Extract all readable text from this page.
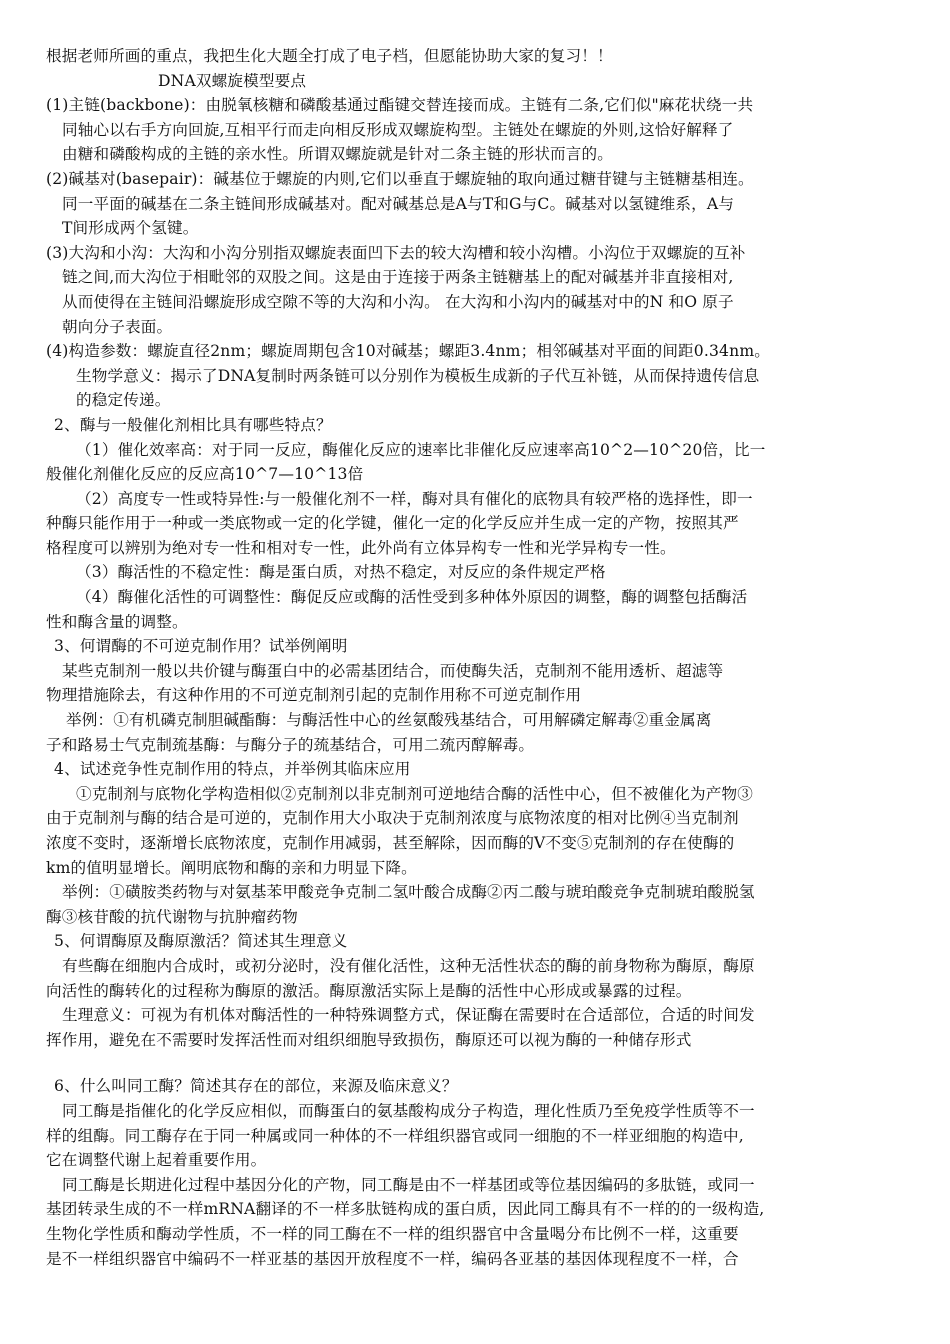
根据老师所画的重点，我把生化大题全打成了电子档，但愿能协助大家的复习！！
DNA双螺旋模型要点
(1)主链(backbone)：由脱氧核糖和磷酸基通过酯键交替连接而成。主链有二条,它们似"麻花状绕一共
同轴心以右手方向回旋,互相平行而走向相反形成双螺旋构型。主链处在螺旋的外则,这恰好解释了
由糖和磷酸构成的主链的亲水性。所谓双螺旋就是针对二条主链的形状而言的。
(2)碱基对(basepair)：碱基位于螺旋的内则,它们以垂直于螺旋轴的取向通过糖苷键与主链糖基相连。
同一平面的碱基在二条主链间形成碱基对。配对碱基总是A与T和G与C。碱基对以氢键维系，A与
T间形成两个氢键。
(3)大沟和小沟：大沟和小沟分别指双螺旋表面凹下去的较大沟槽和较小沟槽。小沟位于双螺旋的互补
链之间,而大沟位于相毗邻的双股之间。这是由于连接于两条主链糖基上的配对碱基并非直接相对,
从而使得在主链间沿螺旋形成空隙不等的大沟和小沟。 在大沟和小沟内的碱基对中的N 和O 原子
朝向分子表面。
(4)构造参数：螺旋直径2nm；螺旋周期包含10对碱基；螺距3.4nm；相邻碱基对平面的间距0.34nm。
生物学意义：揭示了DNA复制时两条链可以分别作为模板生成新的子代互补链，从而保持遗传信息
的稳定传递。
2、酶与一般催化剂相比具有哪些特点？
（1）催化效率高：对于同一反应，酶催化反应的速率比非催化反应速率高10^2—10^20倍，比一
般催化剂催化反应的反应高10^7—10^13倍
（2）高度专一性或特异性:与一般催化剂不一样，酶对具有催化的底物具有较严格的选择性，即一
种酶只能作用于一种或一类底物或一定的化学键，催化一定的化学反应并生成一定的产物，按照其严
格程度可以辨别为绝对专一性和相对专一性，此外尚有立体异构专一性和光学异构专一性。
（3）酶活性的不稳定性：酶是蛋白质，对热不稳定，对反应的条件规定严格
（4）酶催化活性的可调整性：酶促反应或酶的活性受到多种体外原因的调整，酶的调整包括酶活
性和酶含量的调整。
3、何谓酶的不可逆克制作用？试举例阐明
某些克制剂一般以共价键与酶蛋白中的必需基团结合，而使酶失活，克制剂不能用透析、超滤等
物理措施除去，有这种作用的不可逆克制剂引起的克制作用称不可逆克制作用
举例：①有机磷克制胆碱酯酶：与酶活性中心的丝氨酸残基结合，可用解磷定解毒②重金属离
子和路易士气克制巯基酶：与酶分子的巯基结合，可用二巯丙醇解毒。
4、试述竞争性克制作用的特点，并举例其临床应用
①克制剂与底物化学构造相似②克制剂以非克制剂可逆地结合酶的活性中心，但不被催化为产物③
由于克制剂与酶的结合是可逆的，克制作用大小取决于克制剂浓度与底物浓度的相对比例④当克制剂
浓度不变时，逐渐增长底物浓度，克制作用减弱，甚至解除，因而酶的V不变⑤克制剂的存在使酶的
km的值明显增长。阐明底物和酶的亲和力明显下降。
举例：①磺胺类药物与对氨基苯甲酸竞争克制二氢叶酸合成酶②丙二酸与琥珀酸竞争克制琥珀酸脱氢
酶③核苷酸的抗代谢物与抗肿瘤药物
5、何谓酶原及酶原激活？简述其生理意义
有些酶在细胞内合成时，或初分泌时，没有催化活性，这种无活性状态的酶的前身物称为酶原，酶原
向活性的酶转化的过程称为酶原的激活。酶原激活实际上是酶的活性中心形成或暴露的过程。
生理意义：可视为有机体对酶活性的一种特殊调整方式，保证酶在需要时在合适部位，合适的时间发
挥作用，避免在不需要时发挥活性而对组织细胞导致损伤，酶原还可以视为酶的一种储存形式
6、什么叫同工酶？简述其存在的部位，来源及临床意义？
同工酶是指催化的化学反应相似，而酶蛋白的氨基酸构成分子构造，理化性质乃至免疫学性质等不一
样的组酶。同工酶存在于同一种属或同一种体的不一样组织器官或同一细胞的不一样亚细胞的构造中,
它在调整代谢上起着重要作用。
同工酶是长期进化过程中基因分化的产物，同工酶是由不一样基团或等位基因编码的多肽链，或同一
基团转录生成的不一样mRNA翻译的不一样多肽链构成的蛋白质，因此同工酶具有不一样的的一级构造,
生物化学性质和酶动学性质，不一样的同工酶在不一样的组织器官中含量喝分布比例不一样，这重要
是不一样组织器官中编码不一样亚基的基因开放程度不一样，编码各亚基的基因体现程度不一样，合
